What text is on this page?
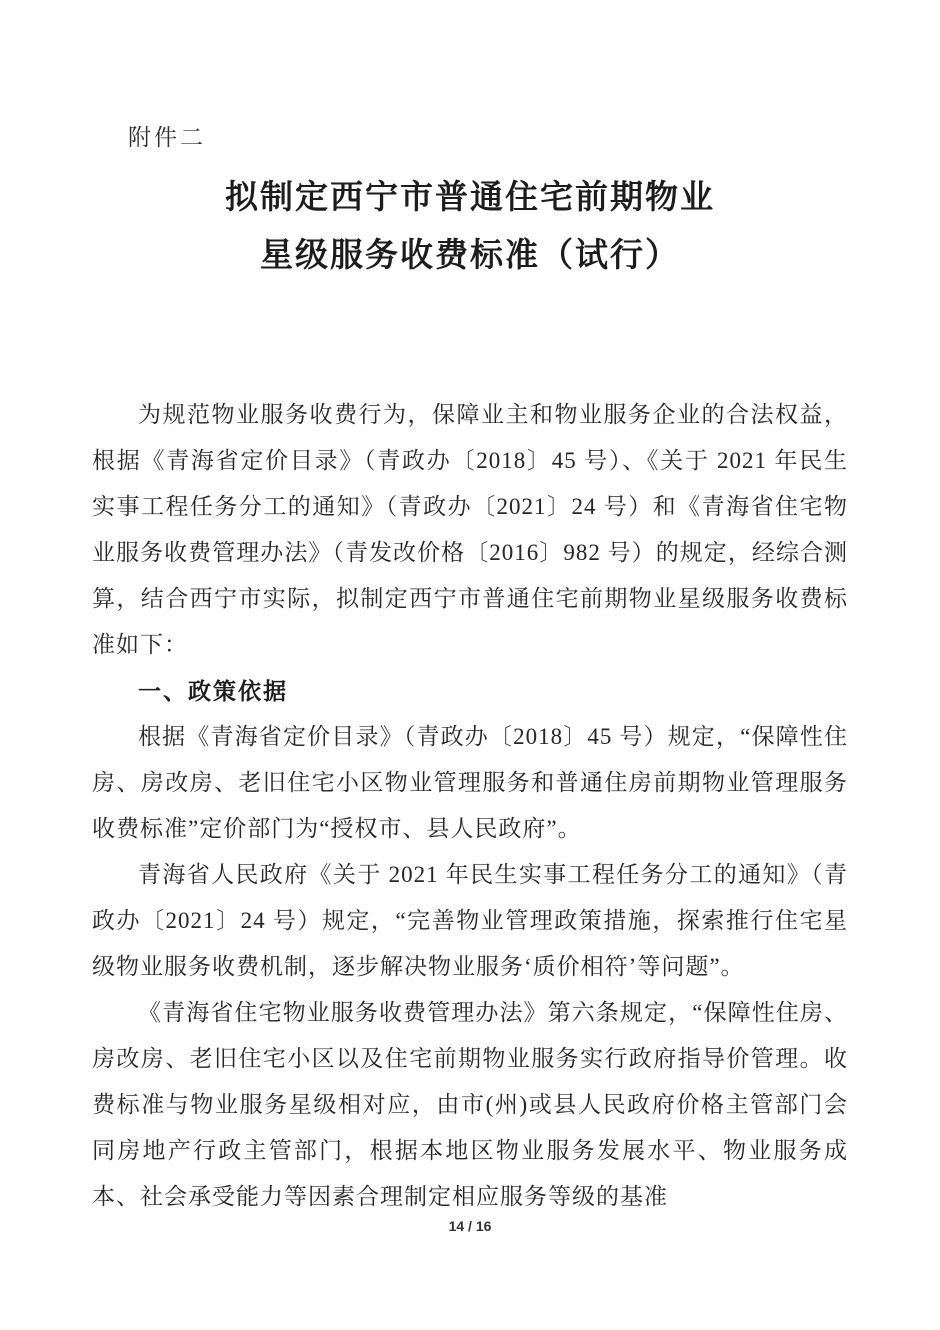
附件二
拟制定西宁市普通住宅前期物业
星级服务收费标准（试行）

为规范物业服务收费行为，保障业主和物业服务企业的合法权益，根据《青海省定价目录》（青政办〔2018〕45 号）、《关于 2021 年民生实事工程任务分工的通知》（青政办〔2021〕24 号）和《青海省住宅物业服务收费管理办法》（青发改价格〔2016〕982 号）的规定，经综合测算，结合西宁市实际，拟制定西宁市普通住宅前期物业星级服务收费标准如下：

一、政策依据

根据《青海省定价目录》（青政办〔2018〕45 号）规定，“保障性住房、房改房、老旧住宅小区物业管理服务和普通住房前期物业管理服务收费标准”定价部门为“授权市、县人民政府”。

青海省人民政府《关于 2021 年民生实事工程任务分工的通知》（青政办〔2021〕24 号）规定，“完善物业管理政策措施，探索推行住宅星级物业服务收费机制，逐步解决物业服务‘质价相符’等问题”。

《青海省住宅物业服务收费管理办法》第六条规定，“保障性住房、房改房、老旧住宅小区以及住宅前期物业服务实行政府指导价管理。收费标准与物业服务星级相对应，由市(州)或县人民政府价格主管部门会同房地产行政主管部门，根据本地区物业服务发展水平、物业服务成本、社会承受能力等因素合理制定相应服务等级的基准

14 / 16
